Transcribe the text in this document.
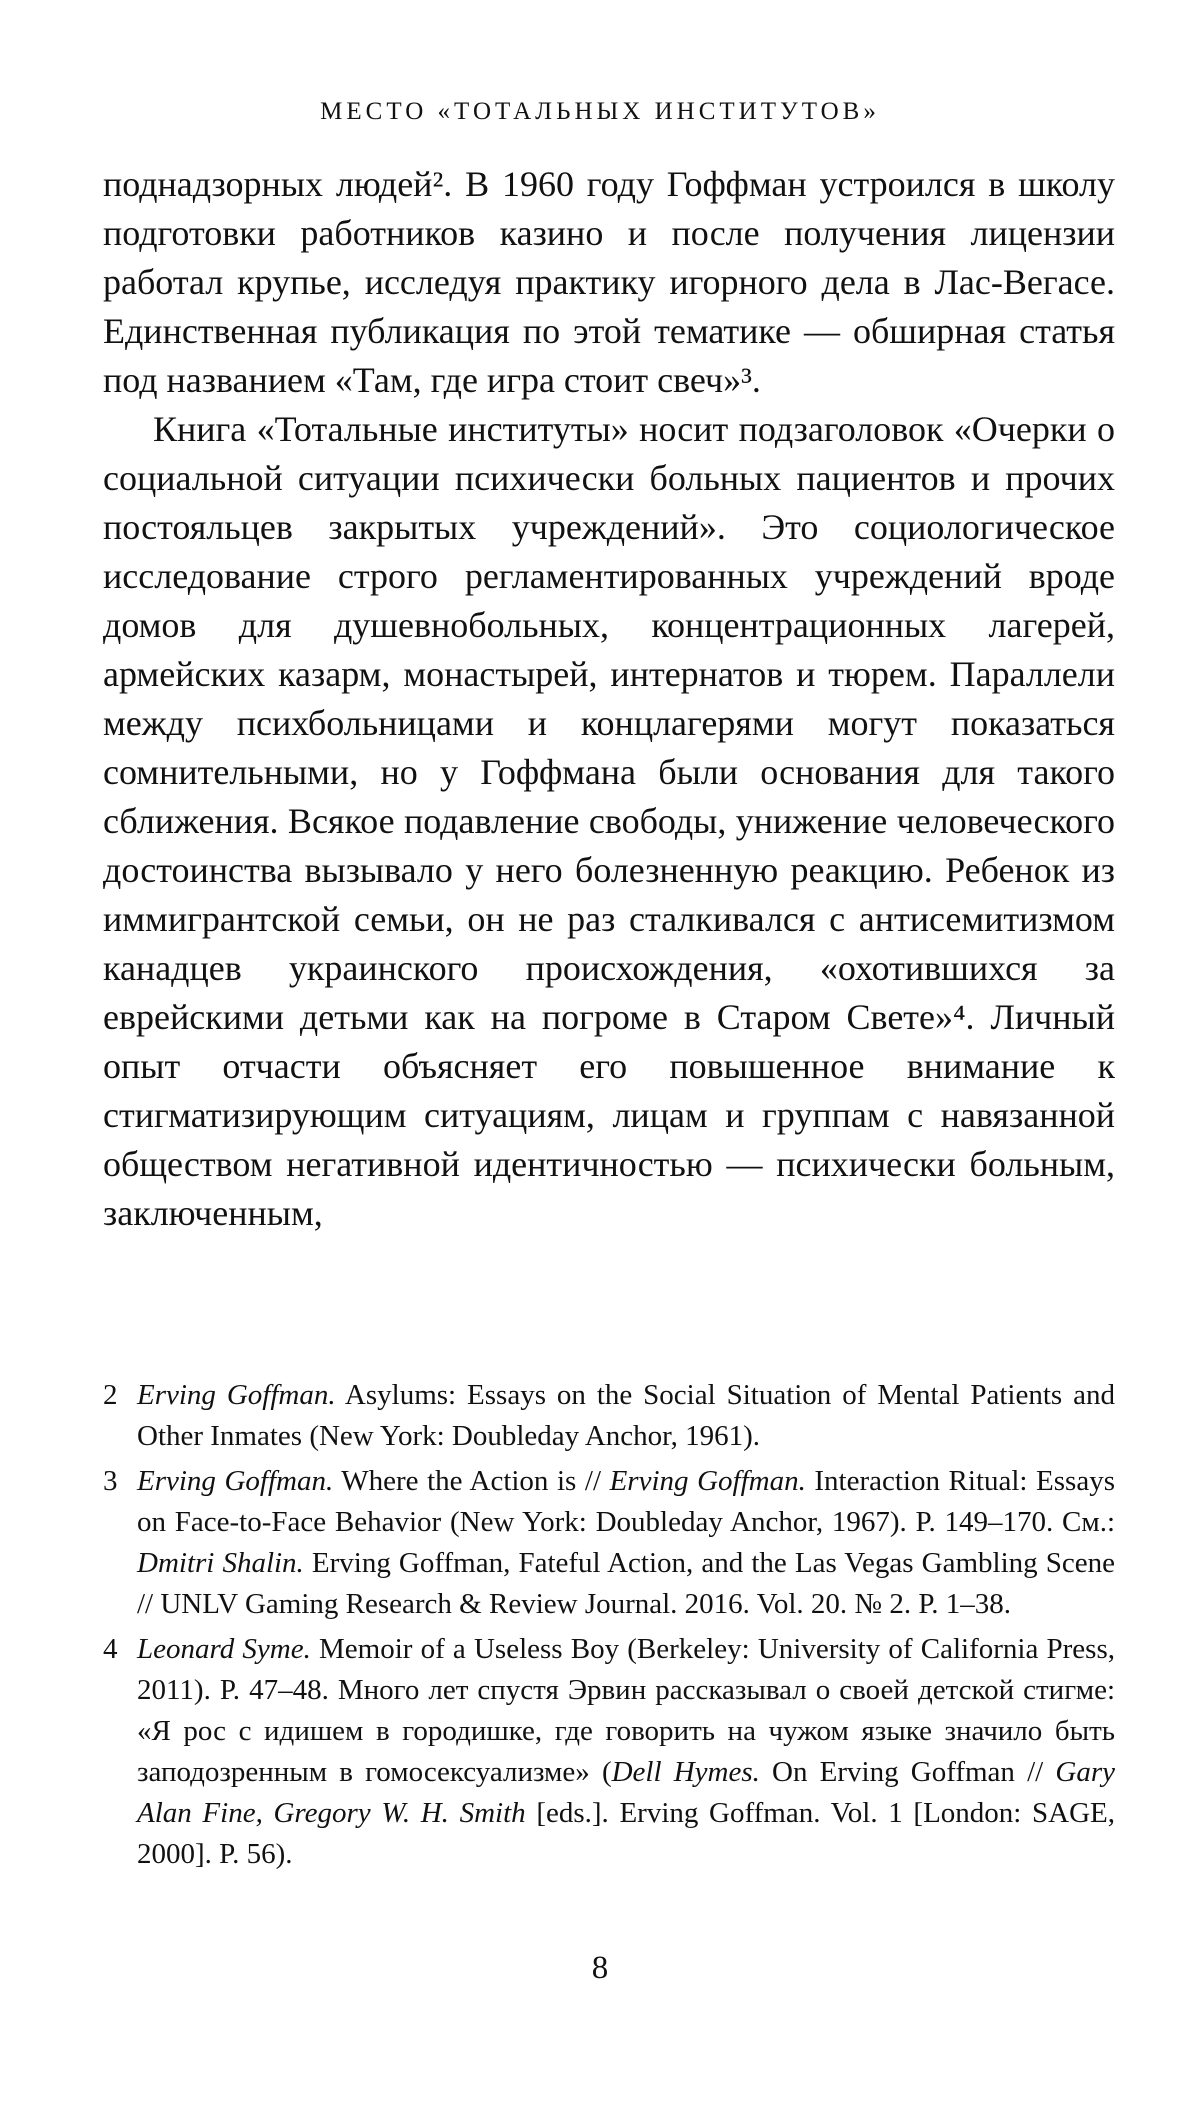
МЕСТО «ТОТАЛЬНЫХ ИНСТИТУТОВ»

поднадзорных людей². В 1960 году Гоффман устроился в школу подготовки работников казино и после получения лицензии работал крупье, исследуя практику игорного дела в Лас-Вегасе. Единственная публикация по этой тематике — обширная статья под названием «Там, где игра стоит свеч»³.

Книга «Тотальные институты» носит подзаголовок «Очерки о социальной ситуации психически больных пациентов и прочих постояльцев закрытых учреждений». Это социологическое исследование строго регламентированных учреждений вроде домов для душевнобольных, концентрационных лагерей, армейских казарм, монастырей, интернатов и тюрем. Параллели между психбольницами и концлагерями могут показаться сомнительными, но у Гоффмана были основания для такого сближения. Всякое подавление свободы, унижение человеческого достоинства вызывало у него болезненную реакцию. Ребенок из иммигрантской семьи, он не раз сталкивался с антисемитизмом канадцев украинского происхождения, «охотившихся за еврейскими детьми как на погроме в Старом Свете»⁴. Личный опыт отчасти объясняет его повышенное внимание к стигматизирующим ситуациям, лицам и группам с навязанной обществом негативной идентичностью — психически больным, заключенным,

2 Erving Goffman. Asylums: Essays on the Social Situation of Mental Patients and Other Inmates (New York: Doubleday Anchor, 1961).
3 Erving Goffman. Where the Action is // Erving Goffman. Interaction Ritual: Essays on Face-to-Face Behavior (New York: Doubleday Anchor, 1967). P. 149–170. См.: Dmitri Shalin. Erving Goffman, Fateful Action, and the Las Vegas Gambling Scene // UNLV Gaming Research & Review Journal. 2016. Vol. 20. № 2. P. 1–38.
4 Leonard Syme. Memoir of a Useless Boy (Berkeley: University of California Press, 2011). P. 47–48. Много лет спустя Эрвин рассказывал о своей детской стигме: «Я рос с идишем в городишке, где говорить на чужом языке значило быть заподозренным в гомосексуализме» (Dell Hymes. On Erving Goffman // Gary Alan Fine, Gregory W. H. Smith [eds.]. Erving Goffman. Vol. 1 [London: SAGE, 2000]. P. 56).
8
